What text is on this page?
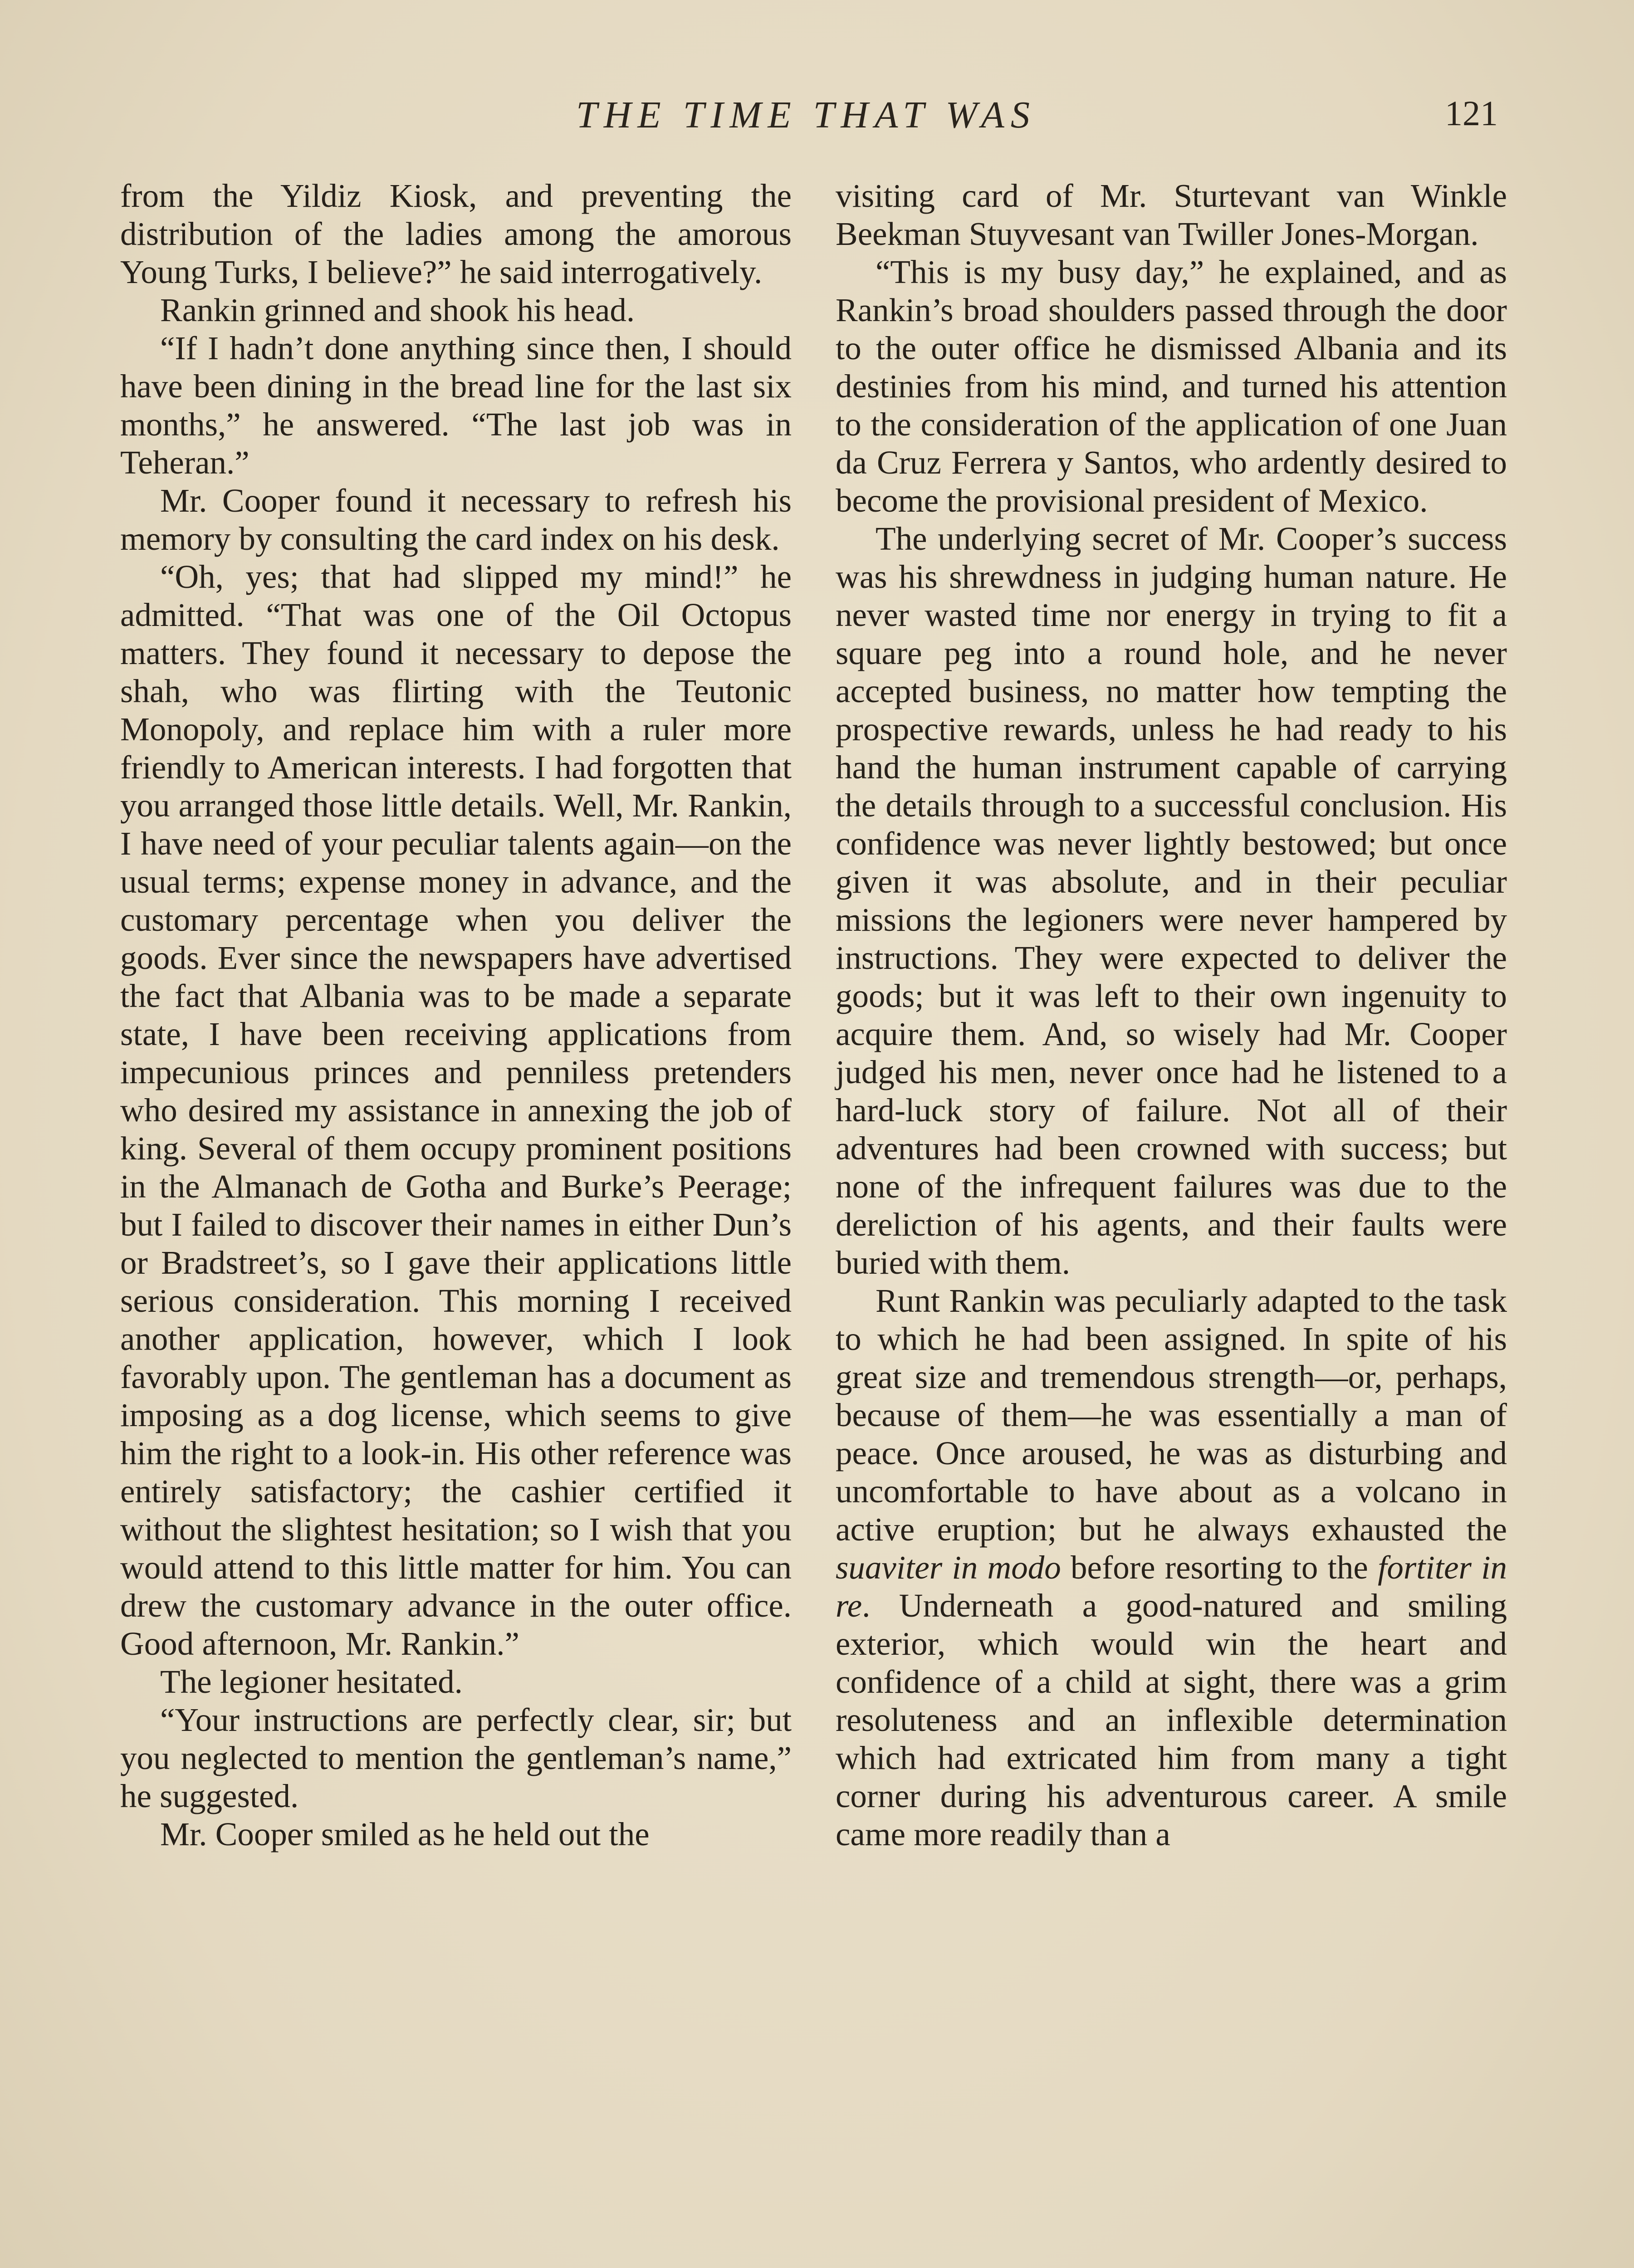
THE TIME THAT WAS	121

from the Yildiz Kiosk, and preventing the distribution of the ladies among the amorous Young Turks, I believe?” he said interrogatively.

Rankin grinned and shook his head.

“If I hadn’t done anything since then, I should have been dining in the bread line for the last six months,” he answered. “The last job was in Teheran.”

Mr. Cooper found it necessary to refresh his memory by consulting the card index on his desk.

“Oh, yes; that had slipped my mind!” he admitted. “That was one of the Oil Octopus matters. They found it necessary to depose the shah, who was flirting with the Teutonic Monopoly, and replace him with a ruler more friendly to American interests. I had forgotten that you arranged those little details. Well, Mr. Rankin, I have need of your peculiar talents again—on the usual terms; expense money in advance, and the customary percentage when you deliver the goods. Ever since the newspapers have advertised the fact that Albania was to be made a separate state, I have been receiving applications from impecunious princes and penniless pretenders who desired my assistance in annexing the job of king. Several of them occupy prominent positions in the Almanach de Gotha and Burke’s Peerage; but I failed to discover their names in either Dun’s or Bradstreet’s, so I gave their applications little serious consideration. This morning I received another application, however, which I look favorably upon. The gentleman has a document as imposing as a dog license, which seems to give him the right to a look-in. His other reference was entirely satisfactory; the cashier certified it without the slightest hesitation; so I wish that you would attend to this little matter for him. You can drew the customary advance in the outer office. Good afternoon, Mr. Rankin.”

The legioner hesitated.

“Your instructions are perfectly clear, sir; but you neglected to mention the gentleman’s name,” he suggested.

Mr. Cooper smiled as he held out the

visiting card of Mr. Sturtevant van Winkle Beekman Stuyvesant van Twiller Jones-Morgan.

“This is my busy day,” he explained, and as Rankin’s broad shoulders passed through the door to the outer office he dismissed Albania and its destinies from his mind, and turned his attention to the consideration of the application of one Juan da Cruz Ferrera y Santos, who ardently desired to become the provisional president of Mexico.

The underlying secret of Mr. Cooper’s success was his shrewdness in judging human nature. He never wasted time nor energy in trying to fit a square peg into a round hole, and he never accepted business, no matter how tempting the prospective rewards, unless he had ready to his hand the human instrument capable of carrying the details through to a successful conclusion. His confidence was never lightly bestowed; but once given it was absolute, and in their peculiar missions the legioners were never hampered by instructions. They were expected to deliver the goods; but it was left to their own ingenuity to acquire them. And, so wisely had Mr. Cooper judged his men, never once had he listened to a hard-luck story of failure. Not all of their adventures had been crowned with success; but none of the infrequent failures was due to the dereliction of his agents, and their faults were buried with them.

Runt Rankin was peculiarly adapted to the task to which he had been assigned. In spite of his great size and tremendous strength—or, perhaps, because of them—he was essentially a man of peace. Once aroused, he was as disturbing and uncomfortable to have about as a volcano in active eruption; but he always exhausted the suaviter in modo before resorting to the fortiter in re. Underneath a good-natured and smiling exterior, which would win the heart and confidence of a child at sight, there was a grim resoluteness and an inflexible determination which had extricated him from many a tight corner during his adventurous career. A smile came more readily than a
